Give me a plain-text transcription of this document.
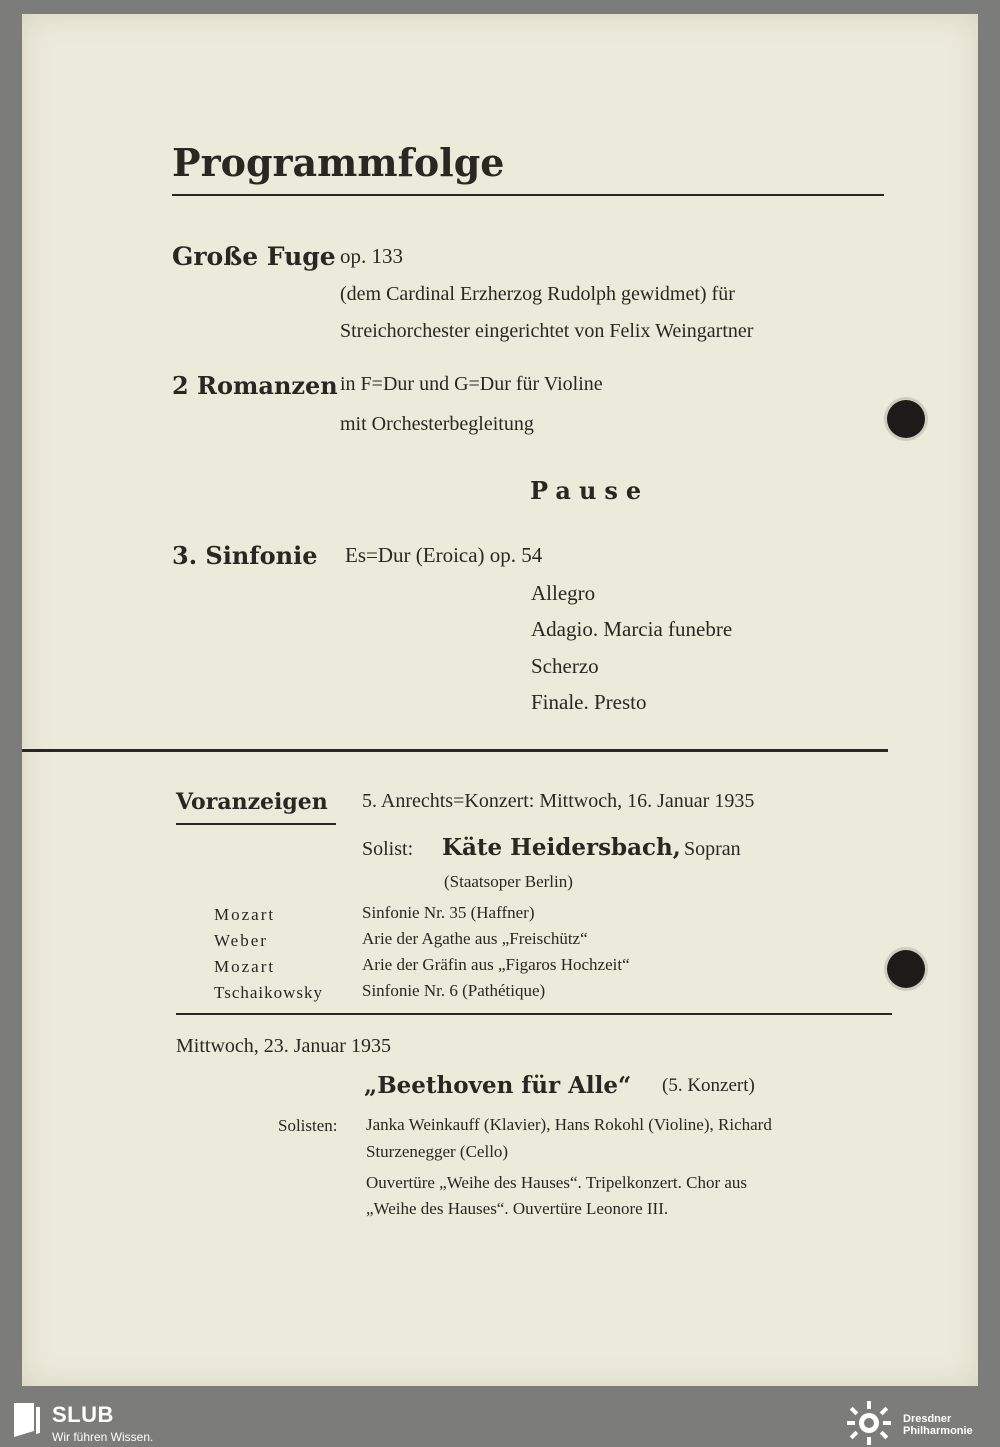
Programmfolge
Große Fuge op. 133
(dem Cardinal Erzherzog Rudolph gewidmet) für
Streichorchester eingerichtet von Felix Weingartner
2 Romanzen in F=Dur und G=Dur für Violine
mit Orchesterbegleitung
Pause
3. Sinfonie Es=Dur (Eroica) op. 54
Allegro
Adagio. Marcia funebre
Scherzo
Finale. Presto
Voranzeigen 5. Anrechts=Konzert: Mittwoch, 16. Januar 1935
Solist: Käte Heidersbach, Sopran
(Staatsoper Berlin)
Mozart	Sinfonie Nr. 35 (Haffner)
Weber	Arie der Agathe aus „Freischütz“
Mozart	Arie der Gräfin aus „Figaros Hochzeit“
Tschaikowsky Sinfonie Nr. 6 (Pathétique)
Mittwoch, 23. Januar 1935
„Beethoven für Alle“ (5. Konzert)
Solisten: Janka Weinkauff (Klavier), Hans Rokohl (Violine), Richard
Sturzenegger (Cello)
Ouvertüre „Weihe des Hauses“. Tripelkonzert. Chor aus
„Weihe des Hauses“. Ouvertüre Leonore III.
SLUB
Wir führen Wissen.
Dresdner
Philharmonie
